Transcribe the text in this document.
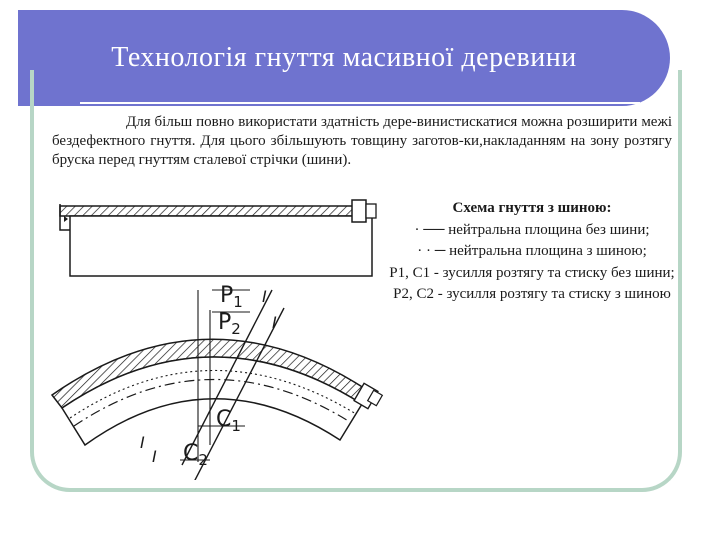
Технологія гнуття масивної деревини
Для більш повно використати здатність дере-винистискатися можна розширити межі бездефектного гнуття. Для цього збільшують товщину заготов-ки,накладанням на зону розтягу бруска перед гнуттям сталевої стрічки (шини).
Схема гнуття з шиною:
· ── нейтральна площина без шини;
· · ─ нейтральна площина з шиною;
Р1, С1 - зусилля розтягу та стиску без шини;
Р2, С2 - зусилля розтягу та стиску з шиною
$P_1$
$P_2$
$C_1$
$C_2$
I
I
I
I
